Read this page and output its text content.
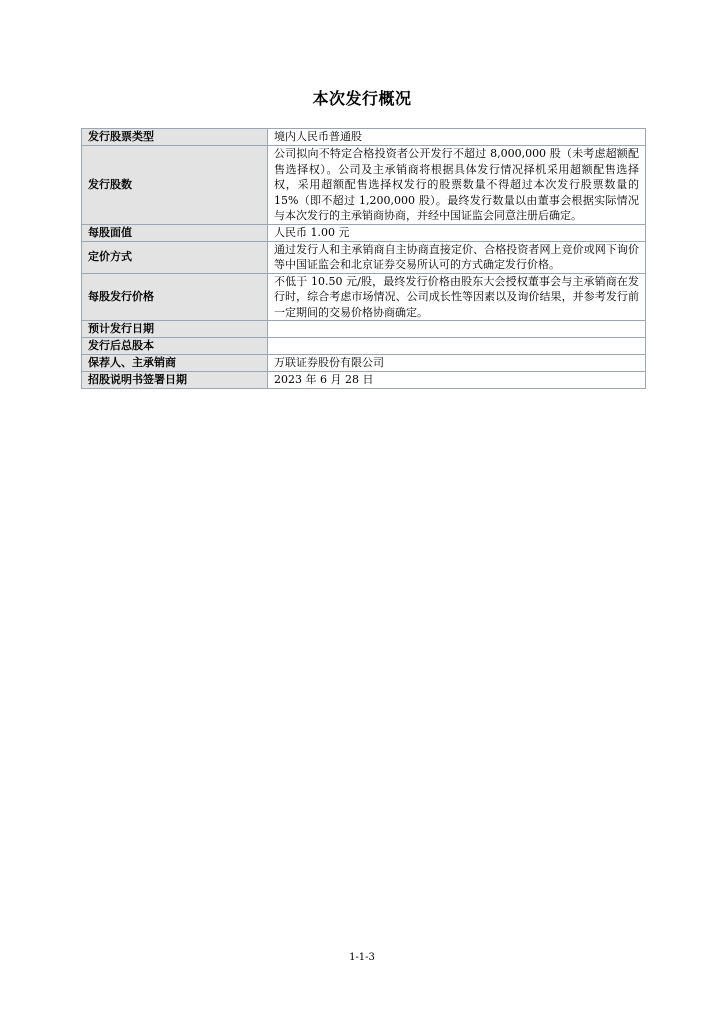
本次发行概况
发行股票类型	境内人民币普通股
发行股数	公司拟向不特定合格投资者公开发行不超过 8,000,000 股（未考虑超额配售选择权）。公司及主承销商将根据具体发行情况择机采用超额配售选择权，采用超额配售选择权发行的股票数量不得超过本次发行股票数量的 15%（即不超过 1,200,000 股）。最终发行数量以由董事会根据实际情况与本次发行的主承销商协商，并经中国证监会同意注册后确定。
每股面值	人民币 1.00 元
定价方式	通过发行人和主承销商自主协商直接定价、合格投资者网上竞价或网下询价等中国证监会和北京证券交易所认可的方式确定发行价格。
每股发行价格	不低于 10.50 元/股，最终发行价格由股东大会授权董事会与主承销商在发行时，综合考虑市场情况、公司成长性等因素以及询价结果，并参考发行前一定期间的交易价格协商确定。
预计发行日期	
发行后总股本	
保荐人、主承销商	万联证券股份有限公司
招股说明书签署日期	2023 年 6 月 28 日
1-1-3
